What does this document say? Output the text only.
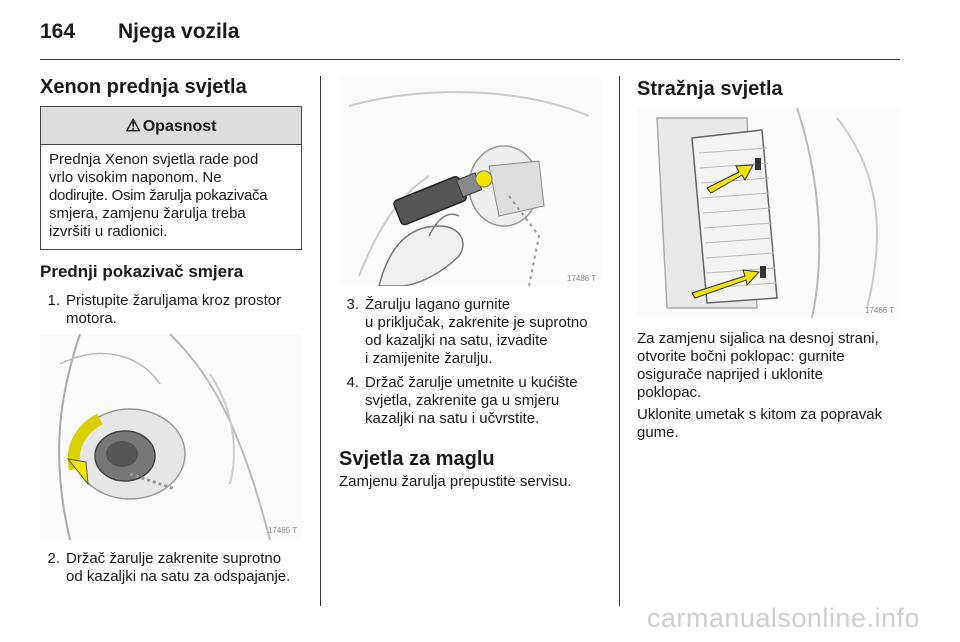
164 Njega vozila
Xenon prednja svjetla
⚠ Opasnost
Prednja Xenon svjetla rade pod
vrlo visokim naponom. Ne
dodirujte. Osim žarulja pokazivača
smjera, zamjenu žarulja treba
izvršiti u radionici.
Prednji pokazivač smjera
1. Pristupite žaruljama kroz prostor
motora.
17485 T
2. Držač žarulje zakrenite suprotno
od kazaljki na satu za odspajanje.
17486 T
3. Žarulju lagano gurnite
u priključak, zakrenite je suprotno
od kazaljki na satu, izvadite
i zamijenite žarulju.
4. Držač žarulje umetnite u kućište
svjetla, zakrenite ga u smjeru
kazaljki na satu i učvrstite.
Svjetla za maglu
Zamjenu žarulja prepustite servisu.
Stražnja svjetla
17466 T
Za zamjenu sijalica na desnoj strani,
otvorite bočni poklopac: gurnite
osigurače naprijed i uklonite
poklopac.
Uklonite umetak s kitom za popravak
gume.
carmanualsonline.info
